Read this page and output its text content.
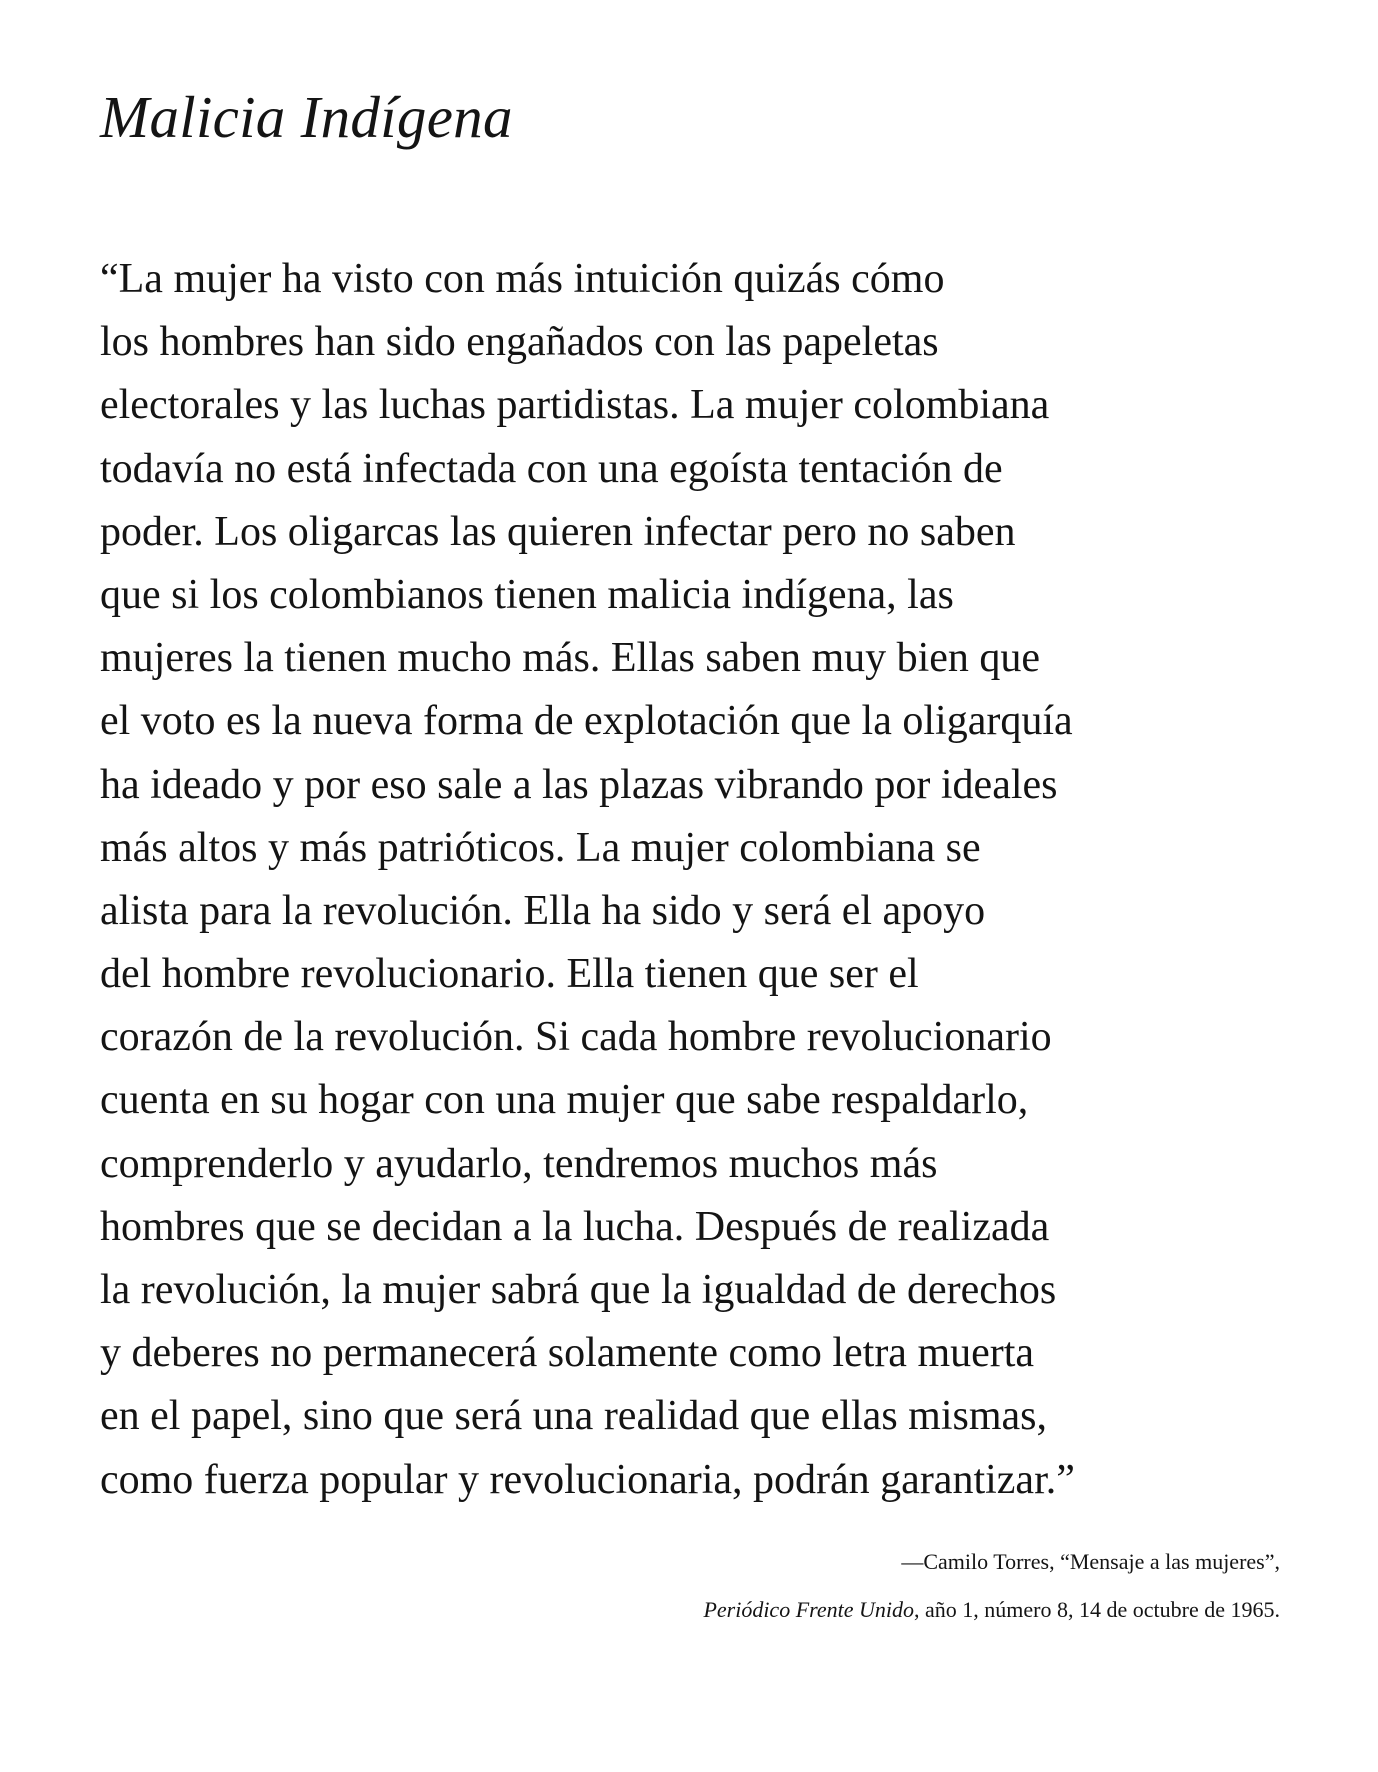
Malicia Indígena
“La mujer ha visto con más intuición quizás cómo
los hombres han sido engañados con las papeletas
electorales y las luchas partidistas. La mujer colombiana
todavía no está infectada con una egoísta tentación de
poder. Los oligarcas las quieren infectar pero no saben
que si los colombianos tienen malicia indígena, las
mujeres la tienen mucho más. Ellas saben muy bien que
el voto es la nueva forma de explotación que la oligarquía
ha ideado y por eso sale a las plazas vibrando por ideales
más altos y más patrióticos. La mujer colombiana se
alista para la revolución. Ella ha sido y será el apoyo
del hombre revolucionario. Ella tienen que ser el
corazón de la revolución. Si cada hombre revolucionario
cuenta en su hogar con una mujer que sabe respaldarlo,
comprenderlo y ayudarlo, tendremos muchos más
hombres que se decidan a la lucha. Después de realizada
la revolución, la mujer sabrá que la igualdad de derechos
y deberes no permanecerá solamente como letra muerta
en el papel, sino que será una realidad que ellas mismas,
como fuerza popular y revolucionaria, podrán garantizar.”
—Camilo Torres, “Mensaje a las mujeres”,
Periódico Frente Unido, año 1, número 8, 14 de octubre de 1965.
